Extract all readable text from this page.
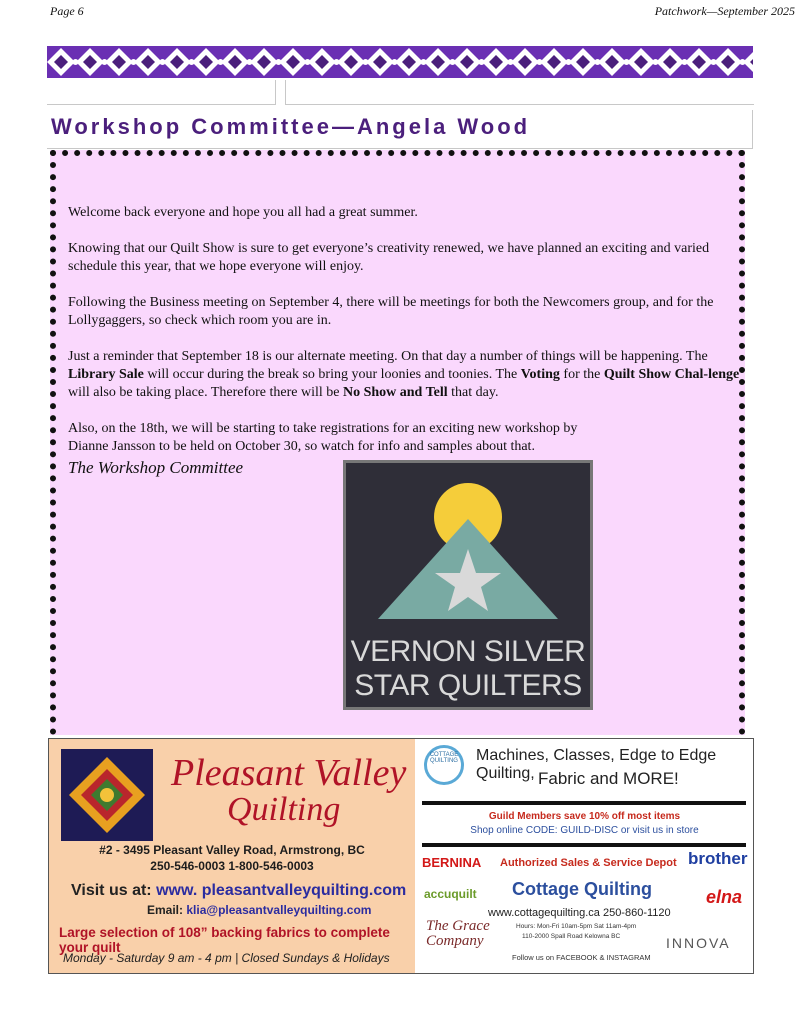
Page 6	Patchwork—September 2025
Workshop Committee—Angela Wood

Welcome back everyone and hope you all had a great summer.

Knowing that our Quilt Show is sure to get everyone’s creativity renewed, we have planned an exciting and varied schedule this year, that we hope everyone will enjoy.

Following the Business meeting on September 4, there will be meetings for both the Newcomers group, and for the Lollygaggers, so check which room you are in.

Just a reminder that September 18 is our alternate meeting. On that day a number of things will be happening. The Library Sale will occur during the break so bring your loonies and toonies. The Voting for the Quilt Show Chal-lenge will also be taking place. Therefore there will be No Show and Tell that day.

Also, on the 18th, we will be starting to take registrations for an exciting new workshop by
Dianne Jansson to be held on October 30, so watch for info and samples about that.

The Workshop Committee
VERNON SILVER
STAR QUILTERS
Pleasant Valley
Quilting
#2 - 3495 Pleasant Valley Road, Armstrong, BC
250-546-0003 1-800-546-0003
Visit us at: www. pleasantvalleyquilting.com
Email: klia@pleasantvalleyquilting.com
Large selection of 108” backing fabrics to complete your quilt
Monday - Saturday 9 am - 4 pm | Closed Sundays & Holidays
COTTAGE QUILTING Machines, Classes, Edge to Edge Quilting, Fabric and MORE!
Guild Members save 10% off most items
Shop online CODE: GUILD-DISC or visit us in store
BERNINA Authorized Sales & Service Depot brother
accuquilt Cottage Quilting	elna
www.cottagequilting.ca 250-860-1120
Hours: Mon-Fri 10am-5pm Sat 11am-4pm
110-2000 Spall Road Kelowna BC
The Grace
Company
Follow us on FACEBOOK & INSTAGRAM
INNOVA
